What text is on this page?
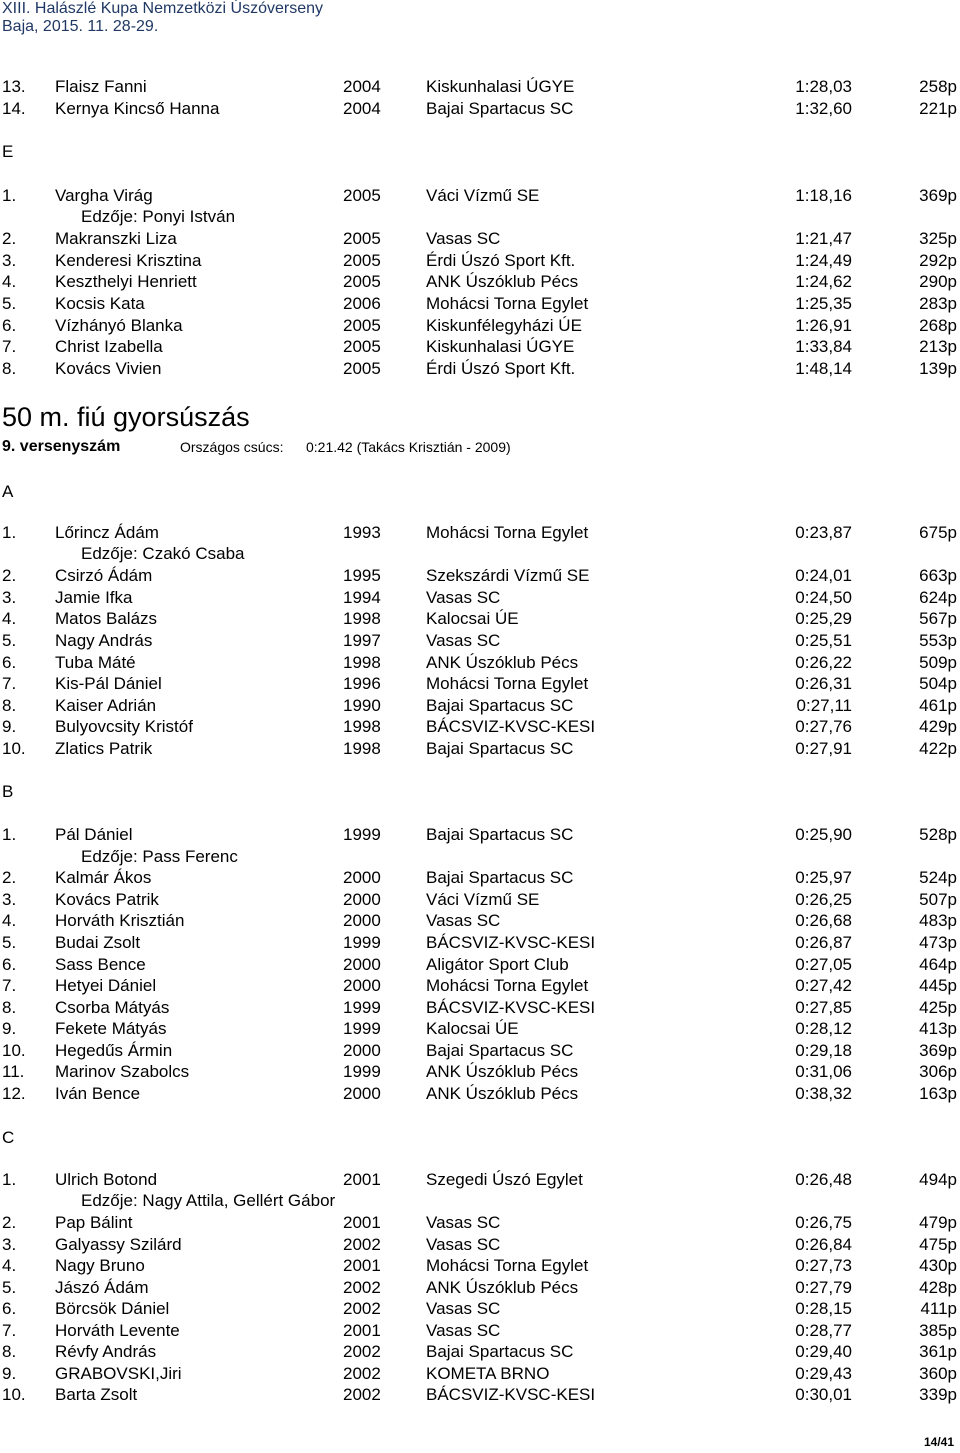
XIII. Halászlé Kupa Nemzetközi Úszóverseny
Baja, 2015. 11. 28-29.
13. Flaisz Fanni	2004	Kiskunhalasi ÚGYE	1:28,03	258p
14. Kernya Kincső Hanna	2004	Bajai Spartacus SC	1:32,60	221p
E
1. Vargha Virág	2005	Váci Vízmű SE	1:18,16	369p
Edzője: Ponyi István
2. Makranszki Liza	2005	Vasas SC	1:21,47	325p
3. Kenderesi Krisztina	2005	Érdi Úszó Sport Kft.	1:24,49	292p
4. Keszthelyi Henriett	2005	ANK Úszóklub Pécs	1:24,62	290p
5. Kocsis Kata	2006	Mohácsi Torna Egylet	1:25,35	283p
6. Vízhányó Blanka	2005	Kiskunfélegyházi ÚE	1:26,91	268p
7. Christ Izabella	2005	Kiskunhalasi ÚGYE	1:33,84	213p
8. Kovács Vivien	2005	Érdi Úszó Sport Kft.	1:48,14	139p
50 m. fiú gyorsúszás
9. versenyszám	Országos csúcs: 0:21.42 (Takács Krisztián - 2009)
A
1. Lőrincz Ádám	1993	Mohácsi Torna Egylet	0:23,87	675p
Edzője: Czakó Csaba
2. Csirzó Ádám	1995	Szekszárdi Vízmű SE	0:24,01	663p
3. Jamie Ifka	1994	Vasas SC	0:24,50	624p
4. Matos Balázs	1998	Kalocsai ÚE	0:25,29	567p
5. Nagy András	1997	Vasas SC	0:25,51	553p
6. Tuba Máté	1998	ANK Úszóklub Pécs	0:26,22	509p
7. Kis-Pál Dániel	1996	Mohácsi Torna Egylet	0:26,31	504p
8. Kaiser Adrián	1990	Bajai Spartacus SC	0:27,11	461p
9. Bulyovcsity Kristóf	1998	BÁCSVIZ-KVSC-KESI	0:27,76	429p
10. Zlatics Patrik	1998	Bajai Spartacus SC	0:27,91	422p
B
1. Pál Dániel	1999	Bajai Spartacus SC	0:25,90	528p
Edzője: Pass Ferenc
2. Kalmár Ákos	2000	Bajai Spartacus SC	0:25,97	524p
3. Kovács Patrik	2000	Váci Vízmű SE	0:26,25	507p
4. Horváth Krisztián	2000	Vasas SC	0:26,68	483p
5. Budai Zsolt	1999	BÁCSVIZ-KVSC-KESI	0:26,87	473p
6. Sass Bence	2000	Aligátor Sport Club	0:27,05	464p
7. Hetyei Dániel	2000	Mohácsi Torna Egylet	0:27,42	445p
8. Csorba Mátyás	1999	BÁCSVIZ-KVSC-KESI	0:27,85	425p
9. Fekete Mátyás	1999	Kalocsai ÚE	0:28,12	413p
10. Hegedűs Ármin	2000	Bajai Spartacus SC	0:29,18	369p
11. Marinov Szabolcs	1999	ANK Úszóklub Pécs	0:31,06	306p
12. Iván Bence	2000	ANK Úszóklub Pécs	0:38,32	163p
C
1. Ulrich Botond	2001	Szegedi Úszó Egylet	0:26,48	494p
Edzője: Nagy Attila, Gellért Gábor
2. Pap Bálint	2001	Vasas SC	0:26,75	479p
3. Galyassy Szilárd	2002	Vasas SC	0:26,84	475p
4. Nagy Bruno	2001	Mohácsi Torna Egylet	0:27,73	430p
5. Jászó Ádám	2002	ANK Úszóklub Pécs	0:27,79	428p
6. Börcsök Dániel	2002	Vasas SC	0:28,15	411p
7. Horváth Levente	2001	Vasas SC	0:28,77	385p
8. Révfy András	2002	Bajai Spartacus SC	0:29,40	361p
9. GRABOVSKI,Jiri	2002	KOMETA BRNO	0:29,43	360p
10. Barta Zsolt	2002	BÁCSVIZ-KVSC-KESI	0:30,01	339p
14/41
